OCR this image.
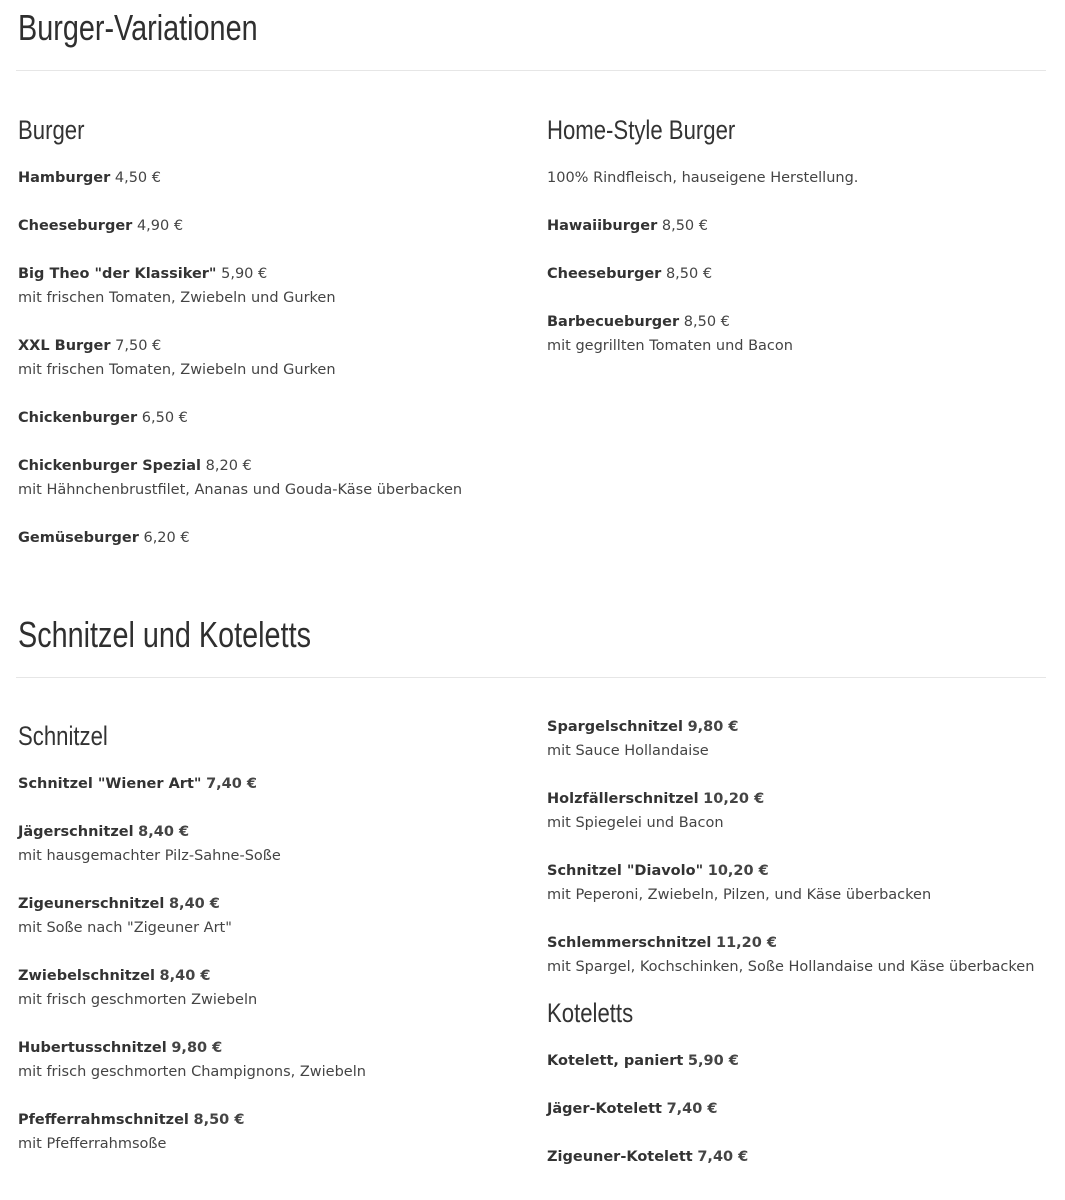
Burger-Variationen
Burger
Hamburger 4,50 €
Cheeseburger 4,90 €
Big Theo "der Klassiker" 5,90 €
mit frischen Tomaten, Zwiebeln und Gurken
XXL Burger 7,50 €
mit frischen Tomaten, Zwiebeln und Gurken
Chickenburger 6,50 €
Chickenburger Spezial 8,20 €
mit Hähnchenbrustfilet, Ananas und Gouda-Käse überbacken
Gemüseburger 6,20 €
Home-Style Burger
100% Rindfleisch, hauseigene Herstellung.
Hawaiiburger 8,50 €
Cheeseburger 8,50 €
Barbecueburger 8,50 €
mit gegrillten Tomaten und Bacon
Schnitzel und Koteletts
Schnitzel
Schnitzel "Wiener Art" 7,40 €
Jägerschnitzel 8,40 €
mit hausgemachter Pilz-Sahne-Soße
Zigeunerschnitzel 8,40 €
mit Soße nach "Zigeuner Art"
Zwiebelschnitzel 8,40 €
mit frisch geschmorten Zwiebeln
Hubertusschnitzel 9,80 €
mit frisch geschmorten Champignons, Zwiebeln
Pfefferrahmschnitzel 8,50 €
mit Pfefferrahmsoße
Spargelschnitzel 9,80 €
mit Sauce Hollandaise
Holzfällerschnitzel 10,20 €
mit Spiegelei und Bacon
Schnitzel "Diavolo" 10,20 €
mit Peperoni, Zwiebeln, Pilzen, und Käse überbacken
Schlemmerschnitzel 11,20 €
mit Spargel, Kochschinken, Soße Hollandaise und Käse überbacken
Koteletts
Kotelett, paniert 5,90 €
Jäger-Kotelett 7,40 €
Zigeuner-Kotelett 7,40 €
